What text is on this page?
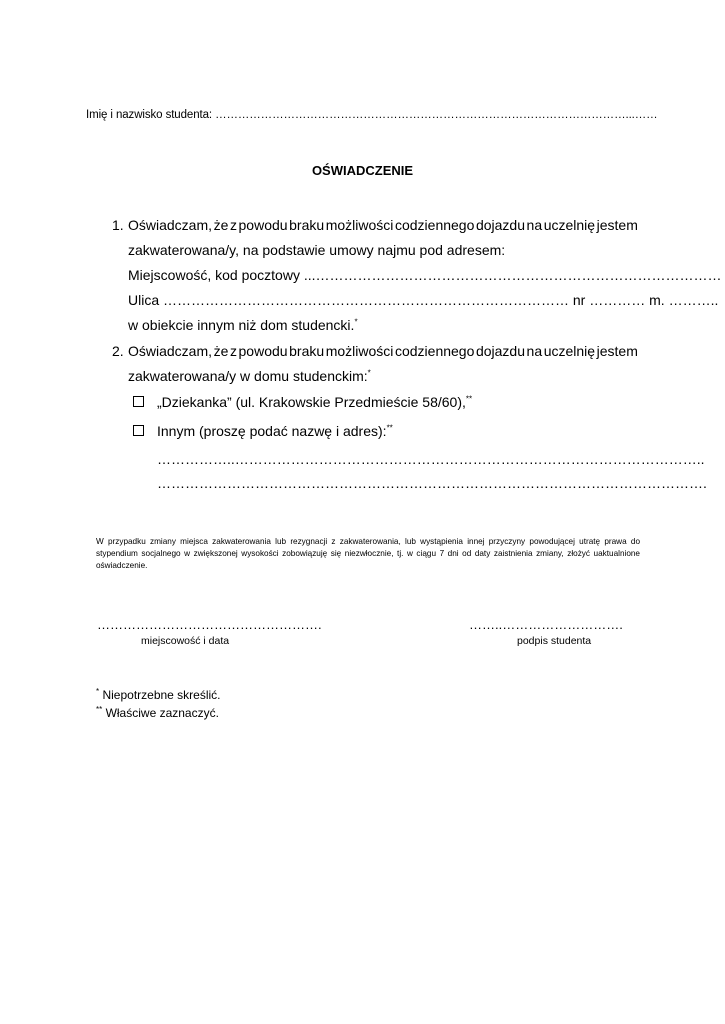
Imię i nazwisko studenta: ………………………………………………………………………………………………...……
OŚWIADCZENIE
1. Oświadczam, że z powodu braku możliwości codziennego dojazdu na uczelnię jestem
zakwaterowana/y, na podstawie umowy najmu pod adresem:
Miejscowość, kod pocztowy ...……………………………………………………………………………
Ulica …………………………………………………………………………… nr ………… m. ………..
w obiekcie innym niż dom studencki.*
2. Oświadczam, że z powodu braku możliwości codziennego dojazdu na uczelnię jestem
zakwaterowana/y w domu studenckim:*
„Dziekanka” (ul. Krakowskie Przedmieście 58/60),**
Innym (proszę podać nazwę i adres):**
……………..………………………………………………………………………………………..
……………………………………………………………………………………………………….
W przypadku zmiany miejsca zakwaterowania lub rezygnacji z zakwaterowania, lub wystąpienia innej przyczyny powodującej utratę prawa do stypendium socjalnego w zwiększonej wysokości zobowiązuję się niezwłocznie, tj. w ciągu 7 dni od daty zaistnienia zmiany, złożyć uaktualnione oświadczenie.
…………………………………………….
miejscowość i data
……..……………………….
podpis studenta
* Niepotrzebne skreślić.
** Właściwe zaznaczyć.
